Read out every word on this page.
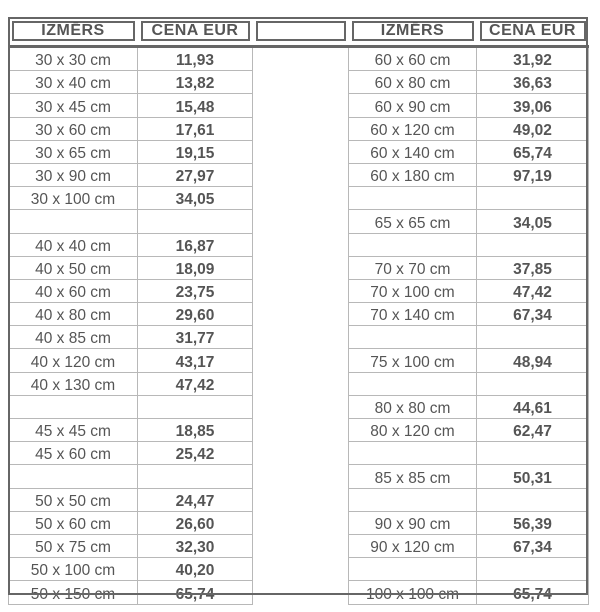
IZMĒRS	CENA EUR		IZMĒRS	CENA EUR

30 x 30 cm	11,93		60 x 60 cm	31,92
30 x 40 cm	13,82		60 x 80 cm	36,63
30 x 45 cm	15,48		60 x 90 cm	39,06
30 x 60 cm	17,61		60 x 120 cm	49,02
30 x 65 cm	19,15		60 x 140 cm	65,74
30 x 90 cm	27,97		60 x 180 cm	97,19
30 x 100 cm	34,05			
			65 x 65 cm	34,05
40 x 40 cm	16,87			
40 x 50 cm	18,09		70 x 70 cm	37,85
40 x 60 cm	23,75		70 x 100 cm	47,42
40 x 80 cm	29,60		70 x 140 cm	67,34
40 x 85 cm	31,77			
40 x 120 cm	43,17		75 x 100 cm	48,94
40 x 130 cm	47,42			
			80 x 80 cm	44,61
45 x 45 cm	18,85		80 x 120 cm	62,47
45 x 60 cm	25,42			
			85 x 85 cm	50,31
50 x 50 cm	24,47			
50 x 60 cm	26,60		90 x 90 cm	56,39
50 x 75 cm	32,30		90 x 120 cm	67,34
50 x 100 cm	40,20			
50 x 150 cm	65,74		100 x 100 cm	65,74
